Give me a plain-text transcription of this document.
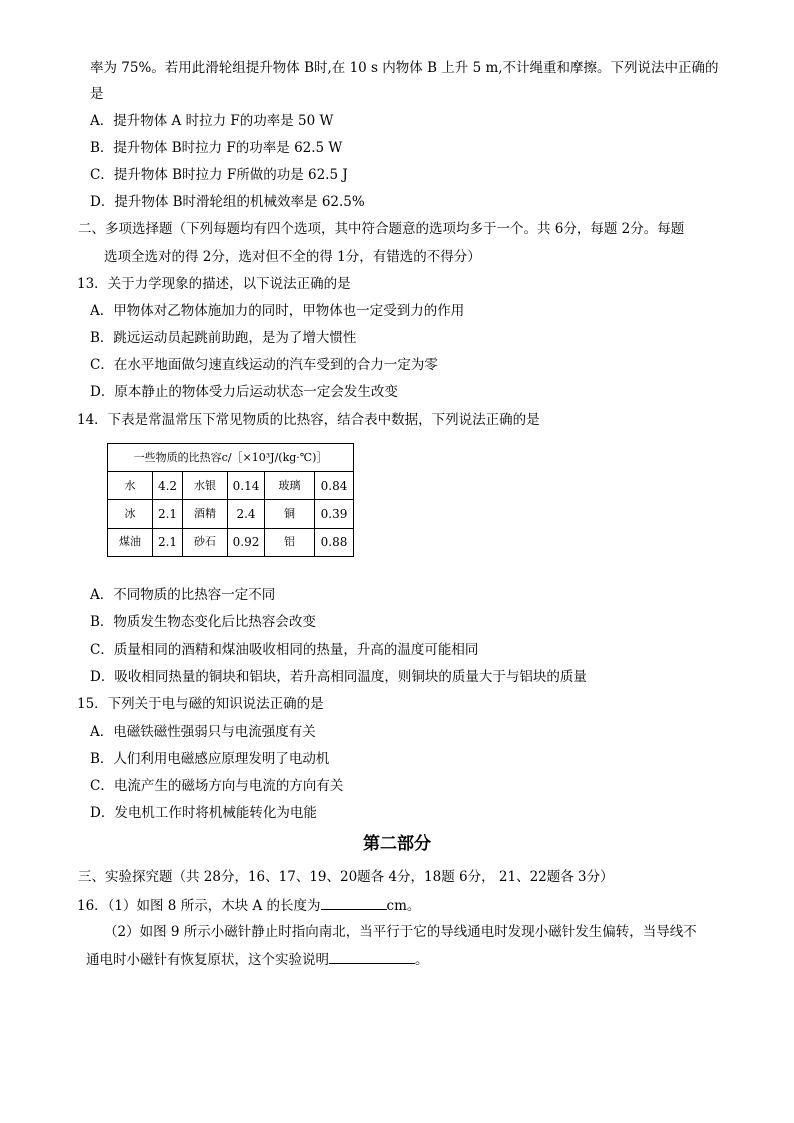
率为 75%。若用此滑轮组提升物体 B时,在 10 s 内物体 B 上升 5 m,不计绳重和摩擦。下列说法中正确的
是
A．提升物体 A 时拉力 F的功率是 50 W
B．提升物体 B时拉力 F的功率是 62.5 W
C．提升物体 B时拉力 F所做的功是 62.5 J
D．提升物体 B时滑轮组的机械效率是 62.5%
二、多项选择题（下列每题均有四个选项，其中符合题意的选项均多于一个。共 6分，每题 2分。每题
选项全选对的得 2分，选对但不全的得 1分，有错选的不得分）
13．关于力学现象的描述，以下说法正确的是
A．甲物体对乙物体施加力的同时，甲物体也一定受到力的作用
B．跳远运动员起跳前助跑，是为了增大惯性
C．在水平地面做匀速直线运动的汽车受到的合力一定为零
D．原本静止的物体受力后运动状态一定会发生改变
14．下表是常温常压下常见物质的比热容，结合表中数据，下列说法正确的是
一些物质的比热容c/［×10³J/(kg·℃)］					
水	4.2	水银	0.14	玻璃	0.84
冰	2.1	酒精	2.4	铜	0.39
煤油	2.1	砂石	0.92	铝	0.88
A．不同物质的比热容一定不同
B．物质发生物态变化后比热容会改变
C．质量相同的酒精和煤油吸收相同的热量，升高的温度可能相同
D．吸收相同热量的铜块和铝块，若升高相同温度，则铜块的质量大于与铝块的质量
15．下列关于电与磁的知识说法正确的是
A．电磁铁磁性强弱只与电流强度有关
B．人们利用电磁感应原理发明了电动机
C．电流产生的磁场方向与电流的方向有关
D．发电机工作时将机械能转化为电能
第二部分
三、实验探究题（共 28分，16、17、19、20题各 4分，18题 6分， 21、22题各 3分）
16．（1）如图 8 所示，木块 A 的长度为	cm。
（2）如图 9 所示小磁针静止时指向南北，当平行于它的导线通电时发现小磁针发生偏转，当导线不
通电时小磁针有恢复原状，这个实验说明	。
